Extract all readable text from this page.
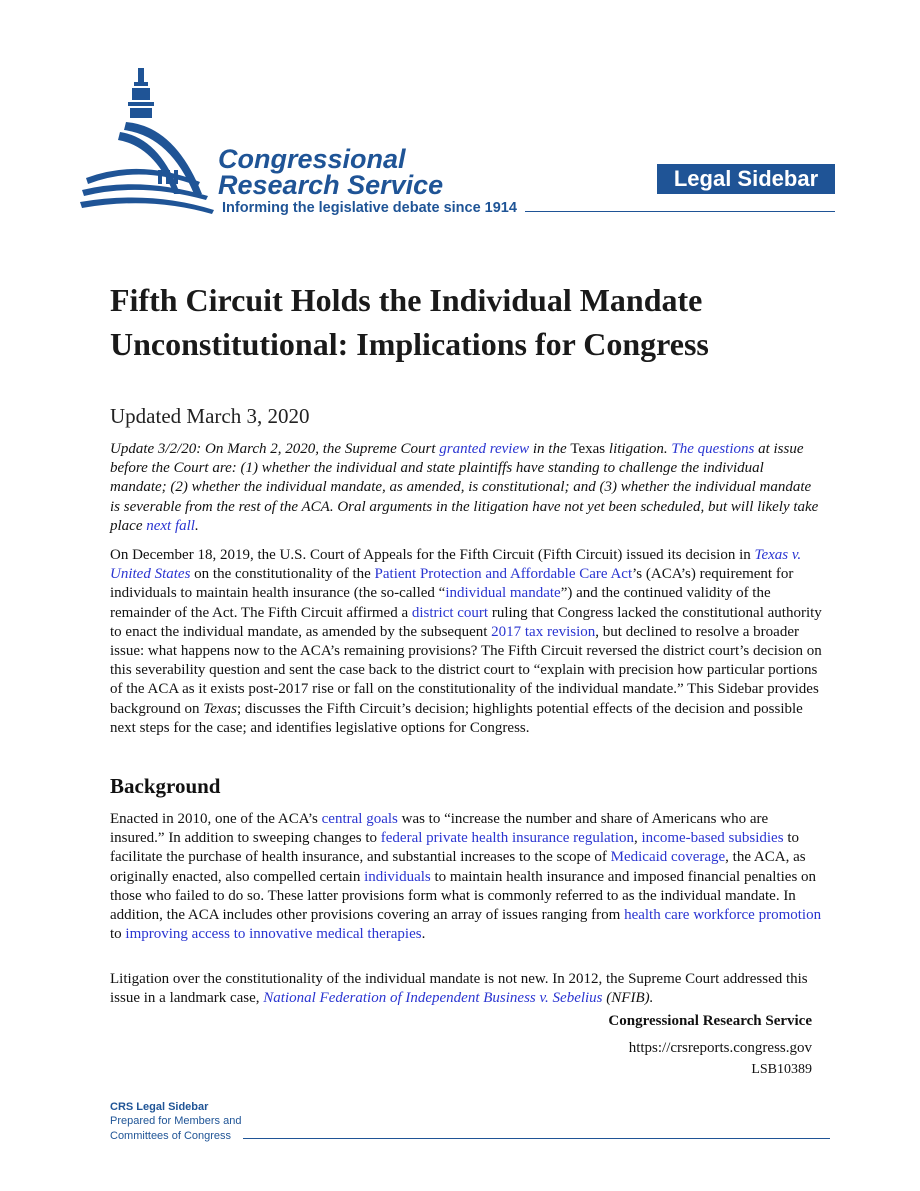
Congressional
Research Service
Informing the legislative debate since 1914
Legal Sidebar
Fifth Circuit Holds the Individual Mandate Unconstitutional: Implications for Congress
Updated March 3, 2020
Update 3/2/20: On March 2, 2020, the Supreme Court granted review in the Texas litigation. The questions at issue before the Court are: (1) whether the individual and state plaintiffs have standing to challenge the individual mandate; (2) whether the individual mandate, as amended, is constitutional; and (3) whether the individual mandate is severable from the rest of the ACA. Oral arguments in the litigation have not yet been scheduled, but will likely take place next fall.
On December 18, 2019, the U.S. Court of Appeals for the Fifth Circuit (Fifth Circuit) issued its decision in Texas v. United States on the constitutionality of the Patient Protection and Affordable Care Act’s (ACA’s) requirement for individuals to maintain health insurance (the so-called “individual mandate”) and the continued validity of the remainder of the Act. The Fifth Circuit affirmed a district court ruling that Congress lacked the constitutional authority to enact the individual mandate, as amended by the subsequent 2017 tax revision, but declined to resolve a broader issue: what happens now to the ACA’s remaining provisions? The Fifth Circuit reversed the district court’s decision on this severability question and sent the case back to the district court to “explain with precision how particular portions of the ACA as it exists post-2017 rise or fall on the constitutionality of the individual mandate.” This Sidebar provides background on Texas; discusses the Fifth Circuit’s decision; highlights potential effects of the decision and possible next steps for the case; and identifies legislative options for Congress.
Background
Enacted in 2010, one of the ACA’s central goals was to “increase the number and share of Americans who are insured.” In addition to sweeping changes to federal private health insurance regulation, income-based subsidies to facilitate the purchase of health insurance, and substantial increases to the scope of Medicaid coverage, the ACA, as originally enacted, also compelled certain individuals to maintain health insurance and imposed financial penalties on those who failed to do so. These latter provisions form what is commonly referred to as the individual mandate. In addition, the ACA includes other provisions covering an array of issues ranging from health care workforce promotion to improving access to innovative medical therapies.
Litigation over the constitutionality of the individual mandate is not new. In 2012, the Supreme Court addressed this issue in a landmark case, National Federation of Independent Business v. Sebelius (NFIB).
Congressional Research Service
https://crsreports.congress.gov
LSB10389
CRS Legal Sidebar
Prepared for Members and
Committees of Congress
